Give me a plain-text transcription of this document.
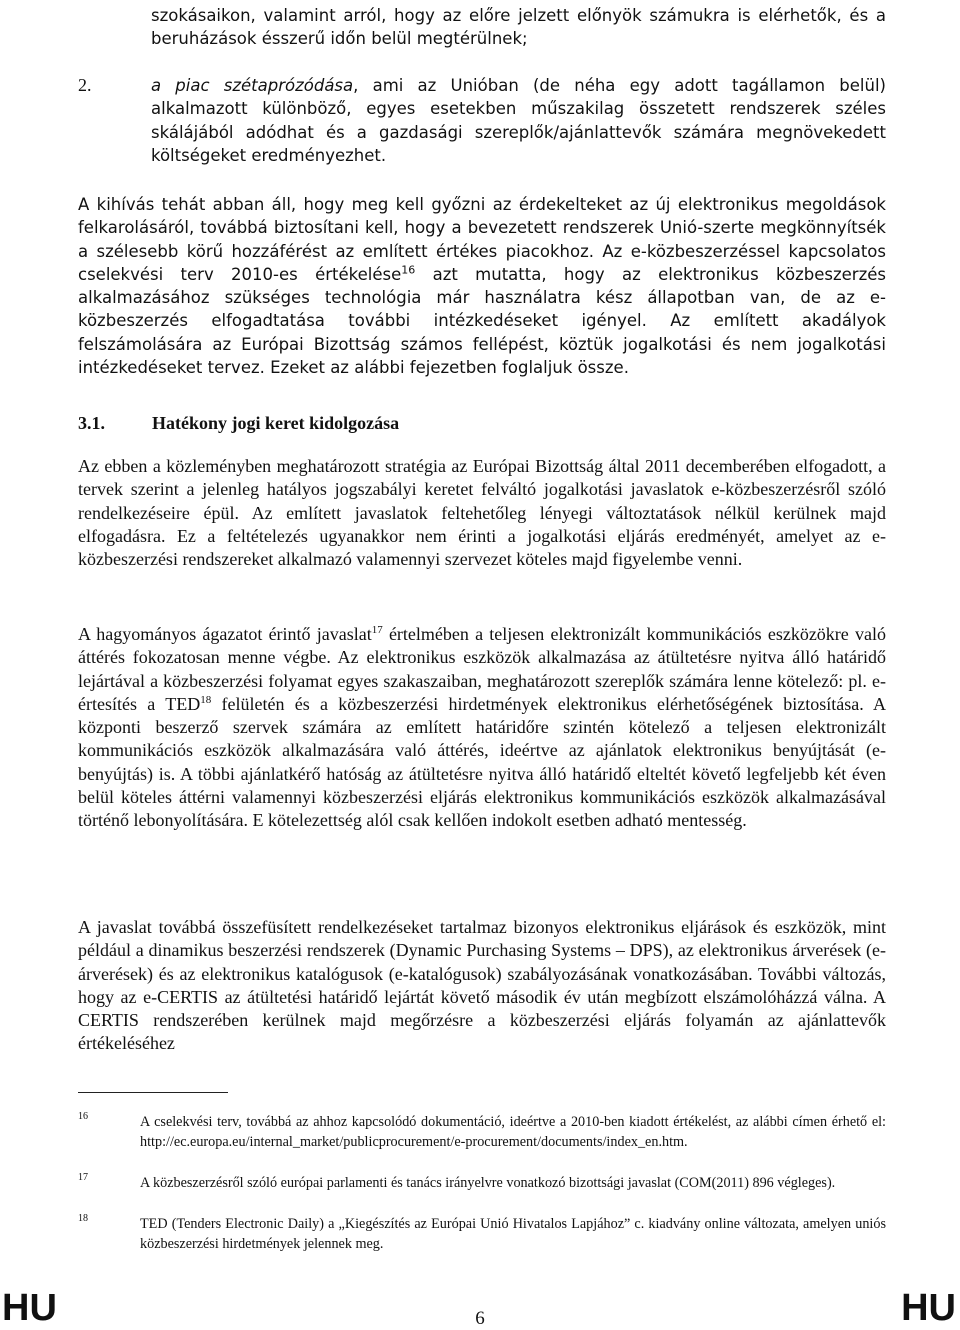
szokásaikon, valamint arról, hogy az előre jelzett előnyök számukra is elérhetők, és a beruházások ésszerű időn belül megtérülnek;
2.	a piac szétaprózódása, ami az Unióban (de néha egy adott tagállamon belül) alkalmazott különböző, egyes esetekben műszakilag összetett rendszerek széles skálájából adódhat és a gazdasági szereplők/ajánlattevők számára megnövekedett költségeket eredményezhet.
A kihívás tehát abban áll, hogy meg kell győzni az érdekelteket az új elektronikus megoldások felkarolásáról, továbbá biztosítani kell, hogy a bevezetett rendszerek Unió-szerte megkönnyítsék a szélesebb körű hozzáférést az említett értékes piacokhoz. Az e-közbeszerzéssel kapcsolatos cselekvési terv 2010-es értékelése$^{16}$ azt mutatta, hogy az elektronikus közbeszerzés alkalmazásához szükséges technológia már használatra kész állapotban van, de az e-közbeszerzés elfogadtatása további intézkedéseket igényel. Az említett akadályok felszámolására az Európai Bizottság számos fellépést, köztük jogalkotási és nem jogalkotási intézkedéseket tervez. Ezeket az alábbi fejezetben foglaljuk össze.
3.1.	Hatékony jogi keret kidolgozása
Az ebben a közleményben meghatározott stratégia az Európai Bizottság által 2011 decemberében elfogadott, a tervek szerint a jelenleg hatályos jogszabályi keretet felváltó jogalkotási javaslatok e-közbeszerzésről szóló rendelkezéseire épül. Az említett javaslatok feltehetőleg lényegi változtatások nélkül kerülnek majd elfogadásra. Ez a feltételezés ugyanakkor nem érinti a jogalkotási eljárás eredményét, amelyet az e-közbeszerzési rendszereket alkalmazó valamennyi szervezet köteles majd figyelembe venni.
A hagyományos ágazatot érintő javaslat$^{17}$ értelmében a teljesen elektronizált kommunikációs eszközökre való áttérés fokozatosan menne végbe. Az elektronikus eszközök alkalmazása az átültetésre nyitva álló határidő lejártával a közbeszerzési folyamat egyes szakaszaiban, meghatározott szereplők számára lenne kötelező: pl. e-értesítés a TED$^{18}$ felületén és a közbeszerzési hirdetmények elektronikus elérhetőségének biztosítása. A központi beszerző szervek számára az említett határidőre szintén kötelező a teljesen elektronizált kommunikációs eszközök alkalmazására való áttérés, ideértve az ajánlatok elektronikus benyújtását (e-benyújtás) is. A többi ajánlatkérő hatóság az átültetésre nyitva álló határidő elteltét követő legfeljebb két éven belül köteles áttérni valamennyi közbeszerzési eljárás elektronikus kommunikációs eszközök alkalmazásával történő lebonyolítására. E kötelezettség alól csak kellően indokolt esetben adható mentesség.
A javaslat továbbá összefüsített rendelkezéseket tartalmaz bizonyos elektronikus eljárások és eszközök, mint például a dinamikus beszerzési rendszerek (Dynamic Purchasing Systems – DPS), az elektronikus árverések (e-árverések) és az elektronikus katalógusok (e-katalógusok) szabályozásának vonatkozásában. További változás, hogy az e-CERTIS az átültetési határidő lejártát követő második év után megbízott elszámolóházzá válna. A CERTIS rendszerében kerülnek majd megőrzésre a közbeszerzési eljárás folyamán az ajánlattevők értékeléséhez
16	A cselekvési terv, továbbá az ahhoz kapcsolódó dokumentáció, ideértve a 2010-ben kiadott értékelést, az alábbi címen érhető el: http://ec.europa.eu/internal_market/publicprocurement/e-procurement/documents/index_en.htm.
17	A közbeszerzésről szóló európai parlamenti és tanács irányelvre vonatkozó bizottsági javaslat (COM(2011) 896 végleges).
18	TED (Tenders Electronic Daily) a „Kiegészítés az Európai Unió Hivatalos Lapjához” c. kiadvány online változata, amelyen uniós közbeszerzési hirdetmények jelennek meg.
HU	6	HU
